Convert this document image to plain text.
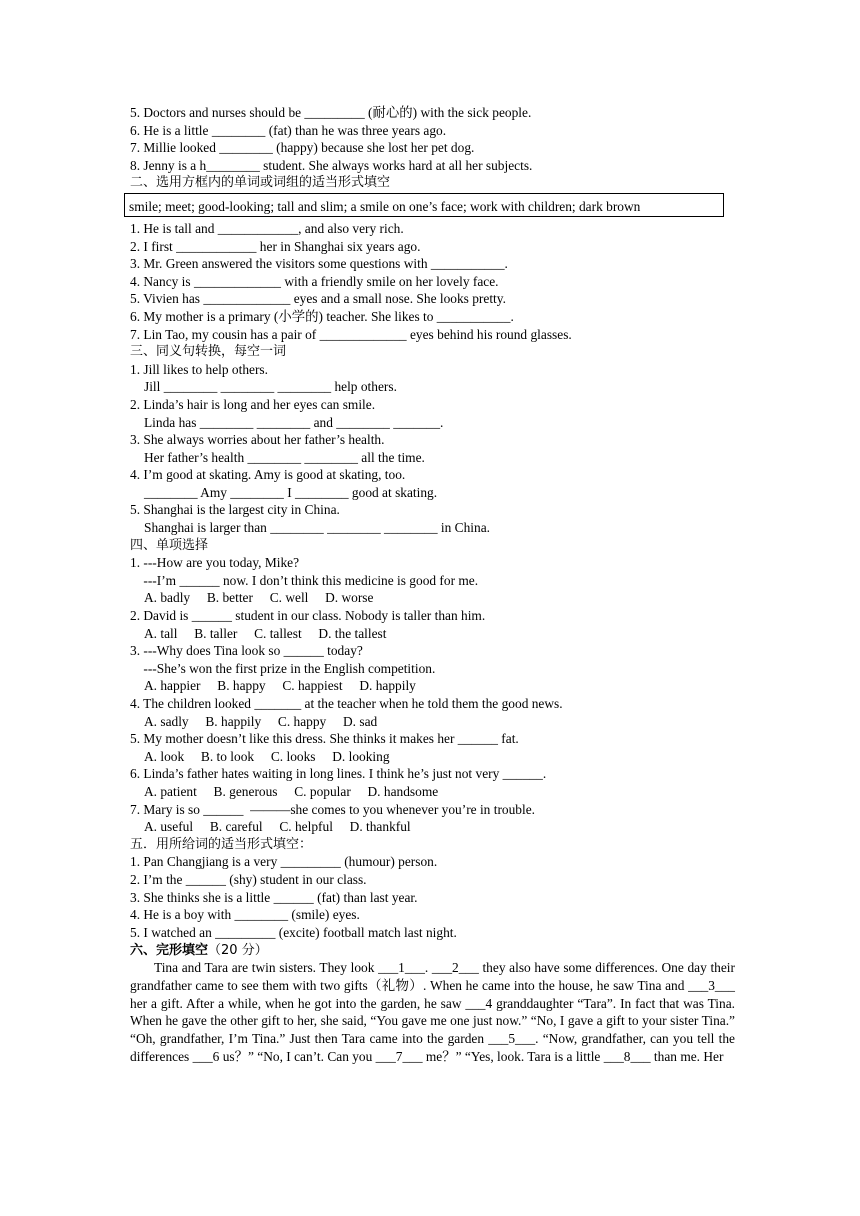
5. Doctors and nurses should be _________ (耐心的) with the sick people.
6. He is a little ________ (fat) than he was three years ago.
7. Millie looked ________ (happy) because she lost her pet dog.
8. Jenny is a h________ student. She always works hard at all her subjects.
二、选用方框内的单词或词组的适当形式填空
smile; meet; good-looking; tall and slim; a smile on one’s face; work with children; dark brown
1. He is tall and ____________, and also very rich.
2. I first ____________ her in Shanghai six years ago.
3. Mr. Green answered the visitors some questions with ___________.
4. Nancy is _____________ with a friendly smile on her lovely face.
5. Vivien has _____________ eyes and a small nose. She looks pretty.
6. My mother is a primary (小学的) teacher. She likes to ___________.
7. Lin Tao, my cousin has a pair of _____________ eyes behind his round glasses.
三、同义句转换，每空一词
1. Jill likes to help others.
Jill ________ ________ ________ help others.
2. Linda’s hair is long and her eyes can smile.
Linda has ________ ________ and ________ _______.
3. She always worries about her father’s health.
Her father’s health ________ ________ all the time.
4. I’m good at skating. Amy is good at skating, too.
________ Amy ________ I ________ good at skating.
5. Shanghai is the largest city in China.
Shanghai is larger than ________ ________ ________ in China.
四、单项选择
1. ---How are you today, Mike?
---I’m ______ now. I don’t think this medicine is good for me.
A. badly     B. better     C. well     D. worse
2. David is ______ student in our class. Nobody is taller than him.
A. tall     B. taller     C. tallest     D. the tallest
3. ---Why does Tina look so ______ today?
---She’s won the first prize in the English competition.
A. happier     B. happy     C. happiest     D. happily
4. The children looked _______ at the teacher when he told them the good news.
A. sadly     B. happily     C. happy     D. sad
5. My mother doesn’t like this dress. She thinks it makes her ______ fat.
A. look     B. to look     C. looks     D. looking
6. Linda’s father hates waiting in long lines. I think he’s just not very ______.
A. patient     B. generous     C. popular     D. handsome
7. Mary is so ______  ———she comes to you whenever you’re in trouble.
A. useful     B. careful     C. helpful     D. thankful
五．用所给词的适当形式填空：
1. Pan Changjiang is a very _________ (humour) person.
2. I’m the ______ (shy) student in our class.
3. She thinks she is a little ______ (fat) than last year.
4. He is a boy with ________ (smile) eyes.
5. I watched an _________ (excite) football match last night.
六、完形填空（20 分）

Tina and Tara are twin sisters. They look ___1___. ___2___ they also have some differences. One day their grandfather came to see them with two gifts（礼物）. When he came into the house, he saw Tina and ___3___ her a gift. After a while, when he got into the garden, he saw ___4 granddaughter “Tara”. In fact that was Tina. When he gave the other gift to her, she said, “You gave me one just now.” “No, I gave a gift to your sister Tina.” “Oh, grandfather, I’m Tina.” Just then Tara came into the garden ___5___. “Now, grandfather, can you tell the differences ___6 us？” “No, I can’t. Can you ___7___ me？” “Yes, look. Tara is a little ___8___ than me. Her
